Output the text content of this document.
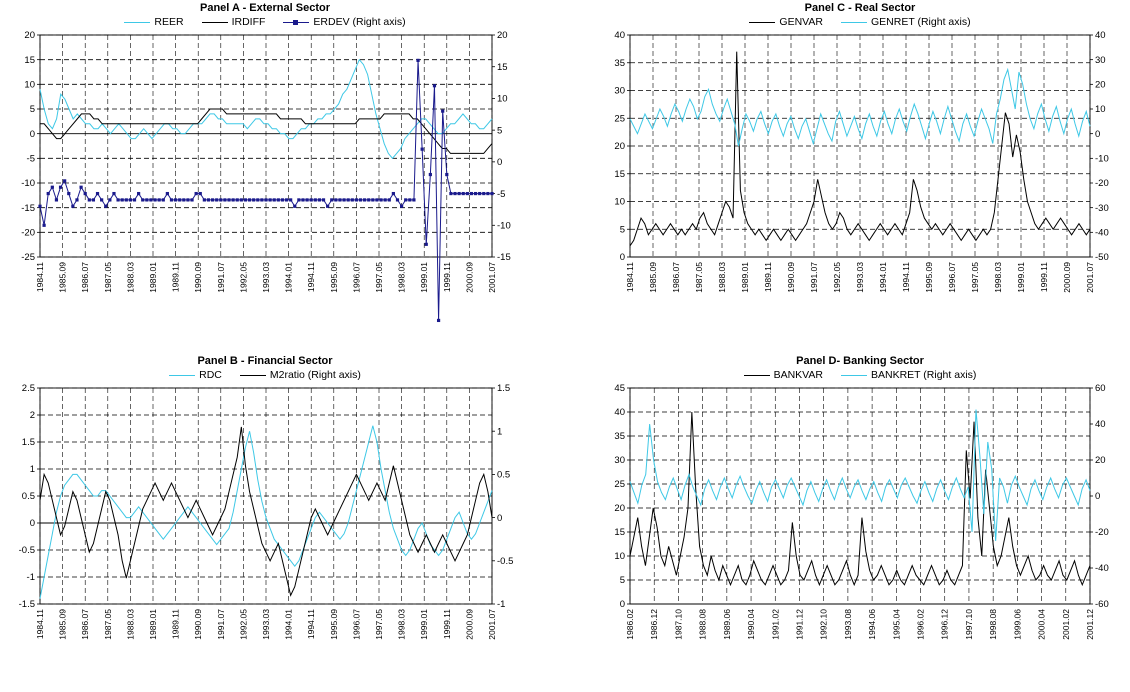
Panel A - External Sector
REER	IRDIFF	ERDEV (Right axis)
1984.11 1985.09 1986.07 1987.05 1988.03 1989.01 1989.11 1990.09 1991.07 1992.05 1993.03 1994.01 1994.11 1995.09 1996.07 1997.05 1998.03 1999.01 1999.11 2000.09 2001.07
-25
-20
-15
-10
-5
0
5
10
15
20
-15
-10
-5
0
5
10
15
20
Panel C - Real Sector
GENVAR	GENRET (Right axis)
1984.11 1985.09 1986.07 1987.05 1988.03 1989.01 1989.11 1990.09 1991.07 1992.05 1993.03 1994.01 1994.11 1995.09 1996.07 1997.05 1998.03 1999.01 1999.11 2000.09 2001.07
0
5
10
15
20
25
30
35
40
-50
-40
-30
-20
-10
0
10
20
30
40
Panel B - Financial Sector
RDC	M2ratio (Right axis)
1984.11 1985.09 1986.07 1987.05 1988.03 1989.01 1989.11 1990.09 1991.07 1992.05 1993.03 1994.01 1994.11 1995.09 1996.07 1997.05 1998.03 1999.01 1999.11 2000.09 2001.07
-1.5
-1
-0.5
0
0.5
1
1.5
2
2.5
-1
-0.5
0
0.5
1
1.5
Panel D- Banking Sector
BANKVAR	BANKRET (Right axis)
1986.02 1986.12 1987.10 1988.08 1989.06 1990.04 1991.02 1991.12 1992.10 1993.08 1994.06 1995.04 1996.02 1996.12 1997.10 1998.08 1999.06 2000.04 2001.02 2001.12
0
5
10
15
20
25
30
35
40
45
-60
-40
-20
0
20
40
60
